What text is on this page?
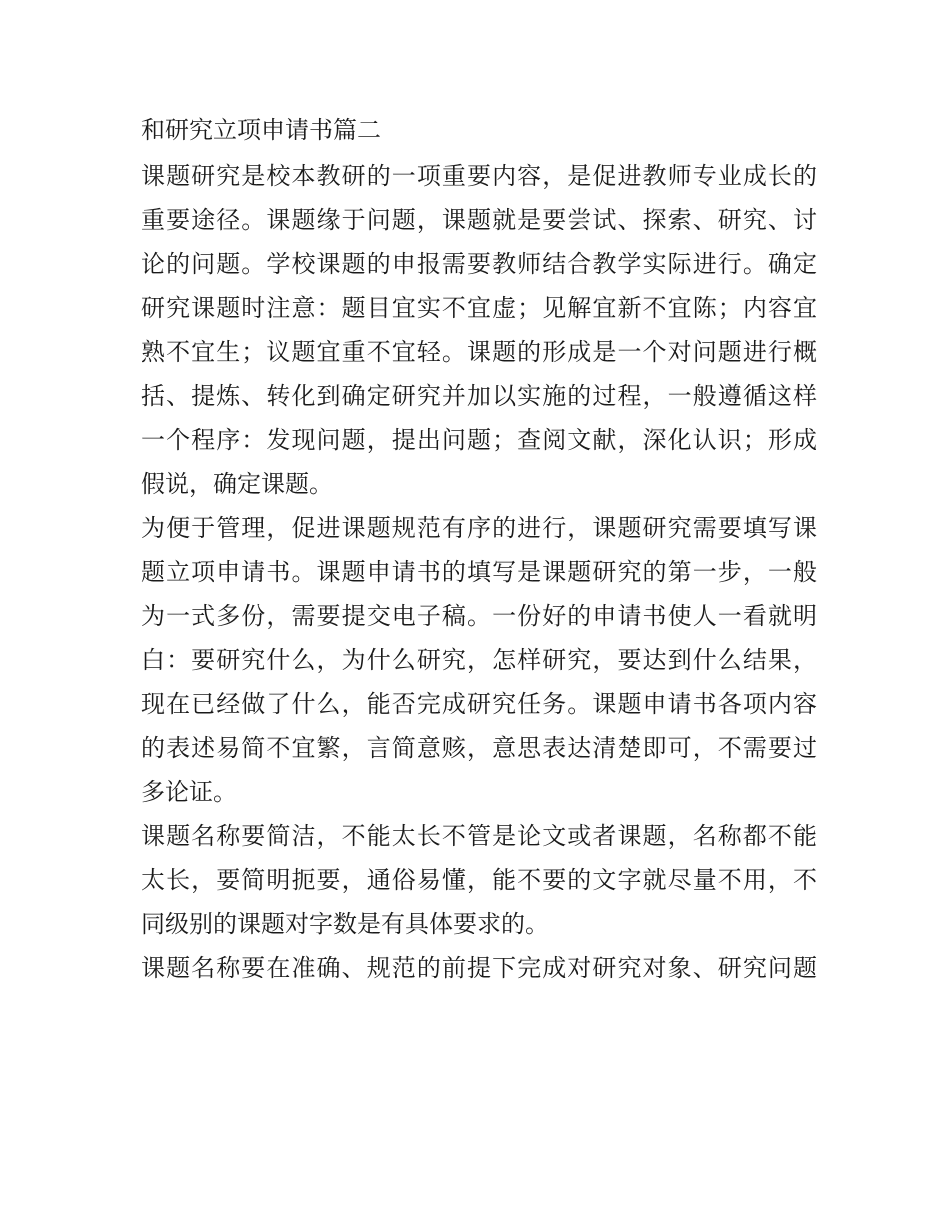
和研究立项申请书篇二
课题研究是校本教研的一项重要内容，是促进教师专业成长的
重要途径。课题缘于问题，课题就是要尝试、探索、研究、讨
论的问题。学校课题的申报需要教师结合教学实际进行。确定
研究课题时注意：题目宜实不宜虚；见解宜新不宜陈；内容宜
熟不宜生；议题宜重不宜轻。课题的形成是一个对问题进行概
括、提炼、转化到确定研究并加以实施的过程，一般遵循这样
一个程序：发现问题，提出问题；查阅文献，深化认识；形成
假说，确定课题。
为便于管理，促进课题规范有序的进行，课题研究需要填写课
题立项申请书。课题申请书的填写是课题研究的第一步，一般
为一式多份，需要提交电子稿。一份好的申请书使人一看就明
白：要研究什么，为什么研究，怎样研究，要达到什么结果，
现在已经做了什么，能否完成研究任务。课题申请书各项内容
的表述易简不宜繁，言简意赅，意思表达清楚即可，不需要过
多论证。
课题名称要简洁，不能太长不管是论文或者课题，名称都不能
太长，要简明扼要，通俗易懂，能不要的文字就尽量不用，不
同级别的课题对字数是有具体要求的。
课题名称要在准确、规范的前提下完成对研究对象、研究问题
